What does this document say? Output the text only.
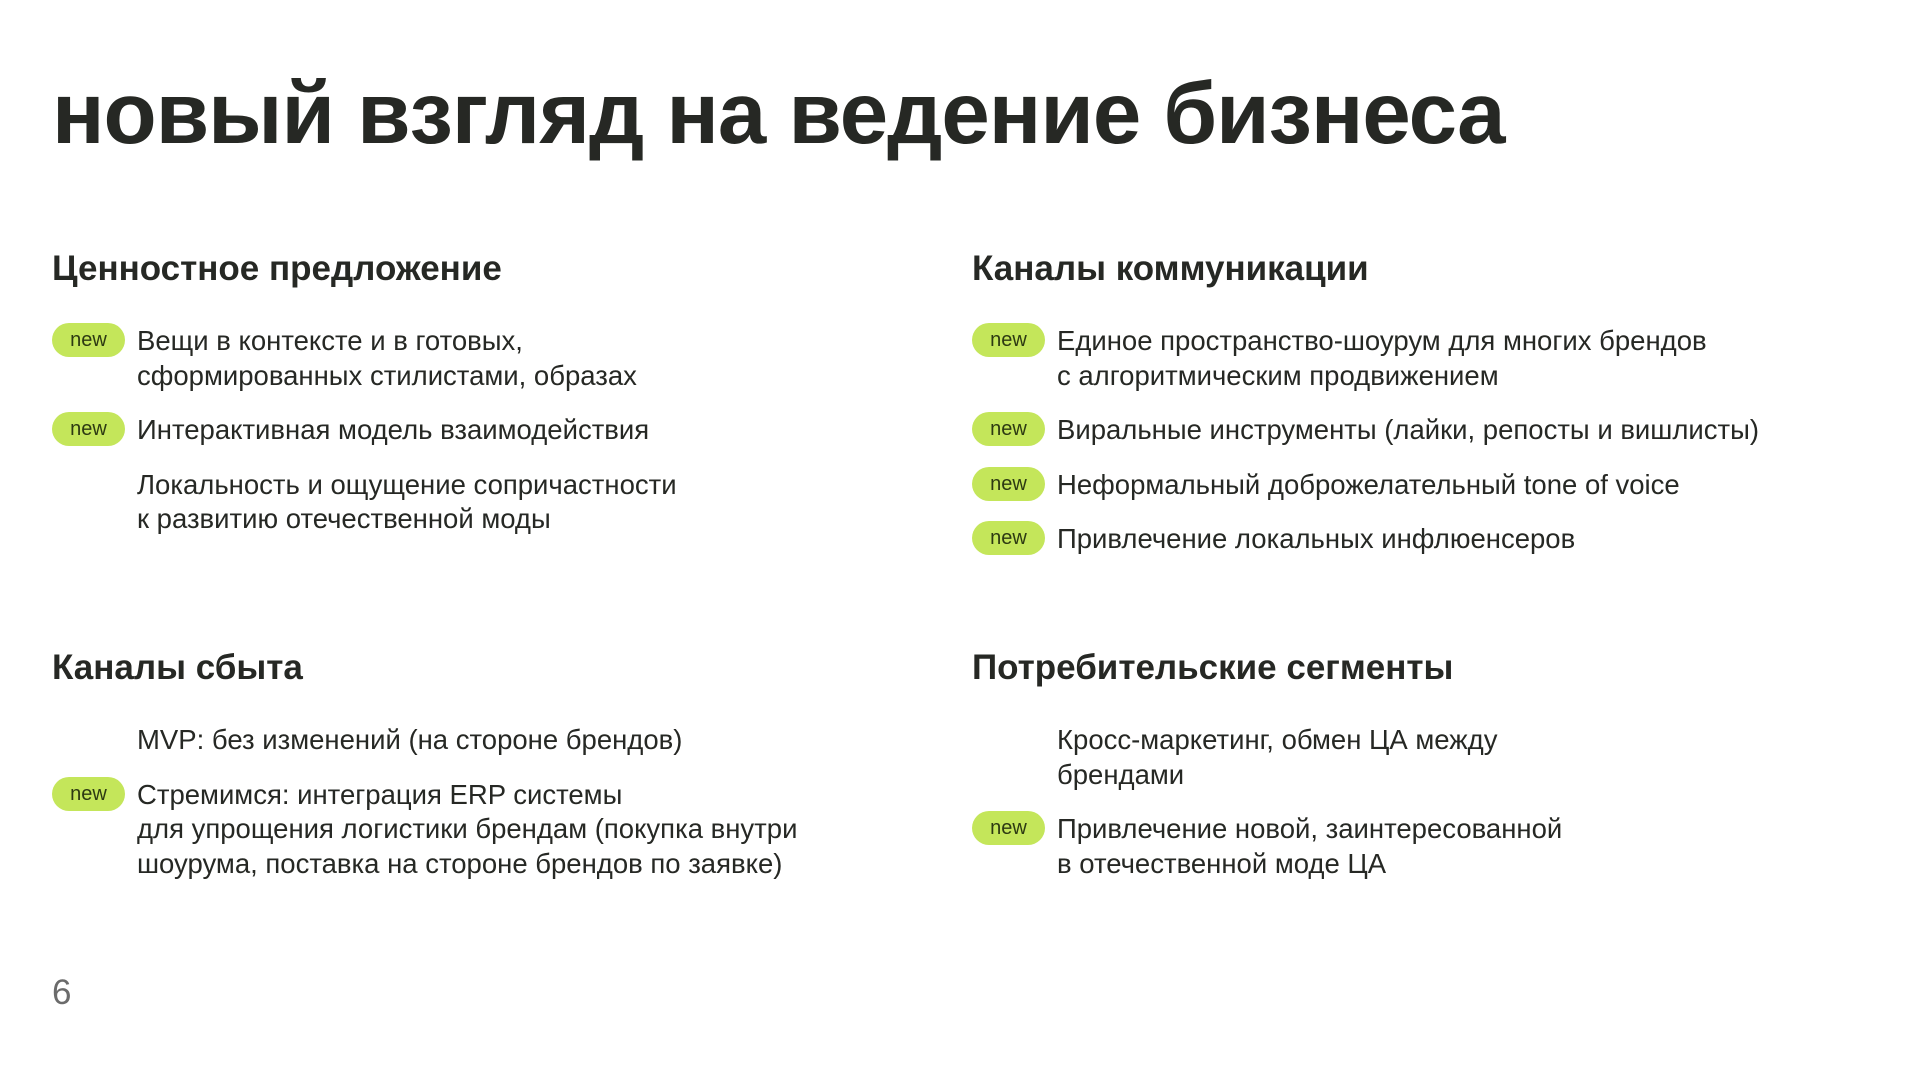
новый взгляд на ведение бизнеса
Ценностное предложение
new	Вещи в контексте и в готовых,
сформированных стилистами, образах
new	Интерактивная модель взаимодействия
Локальность и ощущение сопричастности
к развитию отечественной моды
Каналы коммуникации
new	Единое пространство-шоурум для многих брендов
с алгоритмическим продвижением
new	Виральные инструменты (лайки, репосты и вишлисты)
new	Неформальный доброжелательный tone of voice
new	Привлечение локальных инфлюенсеров
Каналы сбыта
MVP: без изменений (на стороне брендов)
new	Стремимся: интеграция ERP системы
для упрощения логистики брендам (покупка внутри
шоурума, поставка на стороне брендов по заявке)
Потребительские сегменты
Кросс-маркетинг, обмен ЦА между
брендами
new	Привлечение новой, заинтересованной
в отечественной моде ЦА
6
